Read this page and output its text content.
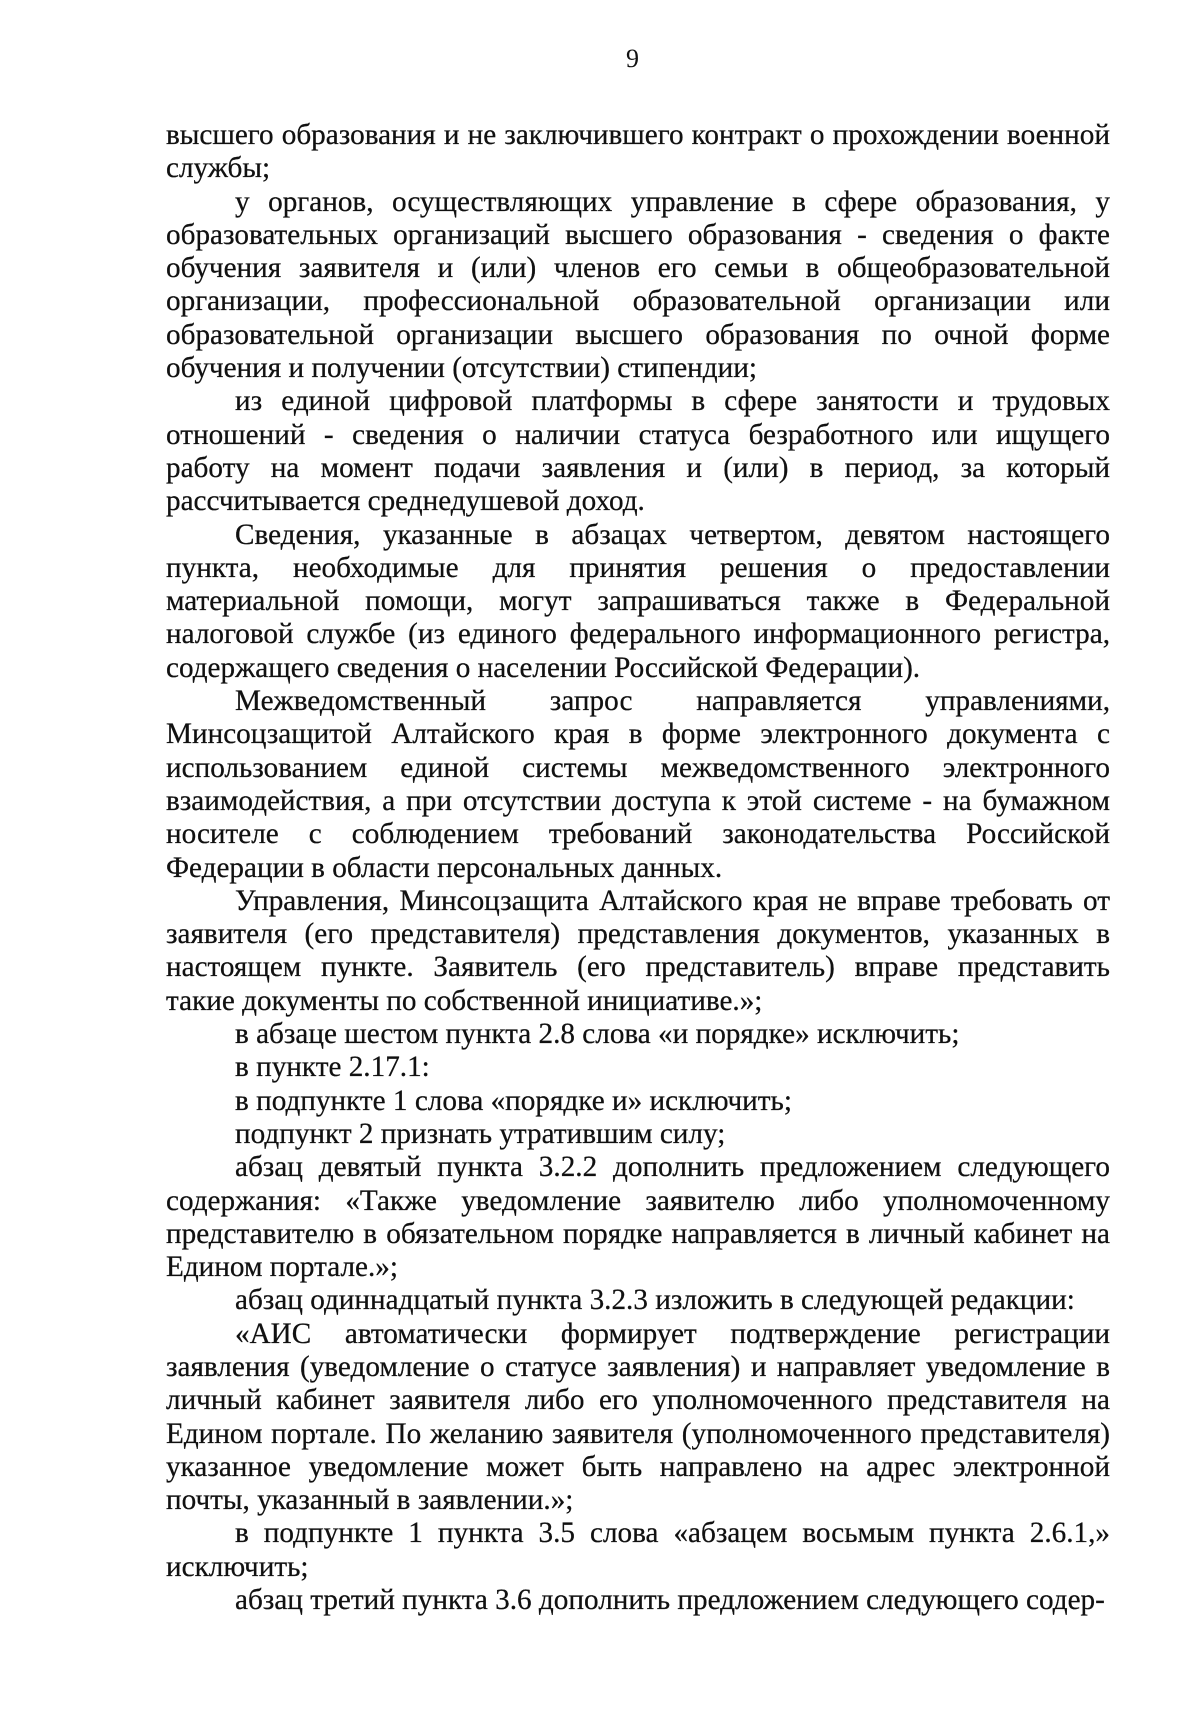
9

высшего образования и не заключившего контракт о прохождении военной службы;

у органов, осуществляющих управление в сфере образования, у образовательных организаций высшего образования - сведения о факте обучения заявителя и (или) членов его семьи в общеобразовательной организации, профессиональной образовательной организации или образовательной организации высшего образования по очной форме обучения и получении (отсутствии) стипендии;

из единой цифровой платформы в сфере занятости и трудовых отношений - сведения о наличии статуса безработного или ищущего работу на момент подачи заявления и (или) в период, за который рассчитывается среднедушевой доход.

Сведения, указанные в абзацах четвертом, девятом настоящего пункта, необходимые для принятия решения о предоставлении материальной помощи, могут запрашиваться также в Федеральной налоговой службе (из единого федерального информационного регистра, содержащего сведения о населении Российской Федерации).

Межведомственный запрос направляется управлениями, Минсоцзащитой Алтайского края в форме электронного документа с использованием единой системы межведомственного электронного взаимодействия, а при отсутствии доступа к этой системе - на бумажном носителе с соблюдением требований законодательства Российской Федерации в области персональных данных.

Управления, Минсоцзащита Алтайского края не вправе требовать от заявителя (его представителя) представления документов, указанных в настоящем пункте. Заявитель (его представитель) вправе представить такие документы по собственной инициативе.»;

в абзаце шестом пункта 2.8 слова «и порядке» исключить;

в пункте 2.17.1:

в подпункте 1 слова «порядке и» исключить;

подпункт 2 признать утратившим силу;

абзац девятый пункта 3.2.2 дополнить предложением следующего содержания: «Также уведомление заявителю либо уполномоченному представителю в обязательном порядке направляется в личный кабинет на Едином портале.»;

абзац одиннадцатый пункта 3.2.3 изложить в следующей редакции:

«АИС автоматически формирует подтверждение регистрации заявления (уведомление о статусе заявления) и направляет уведомление в личный кабинет заявителя либо его уполномоченного представителя на Едином портале. По желанию заявителя (уполномоченного представителя) указанное уведомление может быть направлено на адрес электронной почты, указанный в заявлении.»;

в подпункте 1 пункта 3.5 слова «абзацем восьмым пункта 2.6.1,» исключить;

абзац третий пункта 3.6 дополнить предложением следующего содер-
